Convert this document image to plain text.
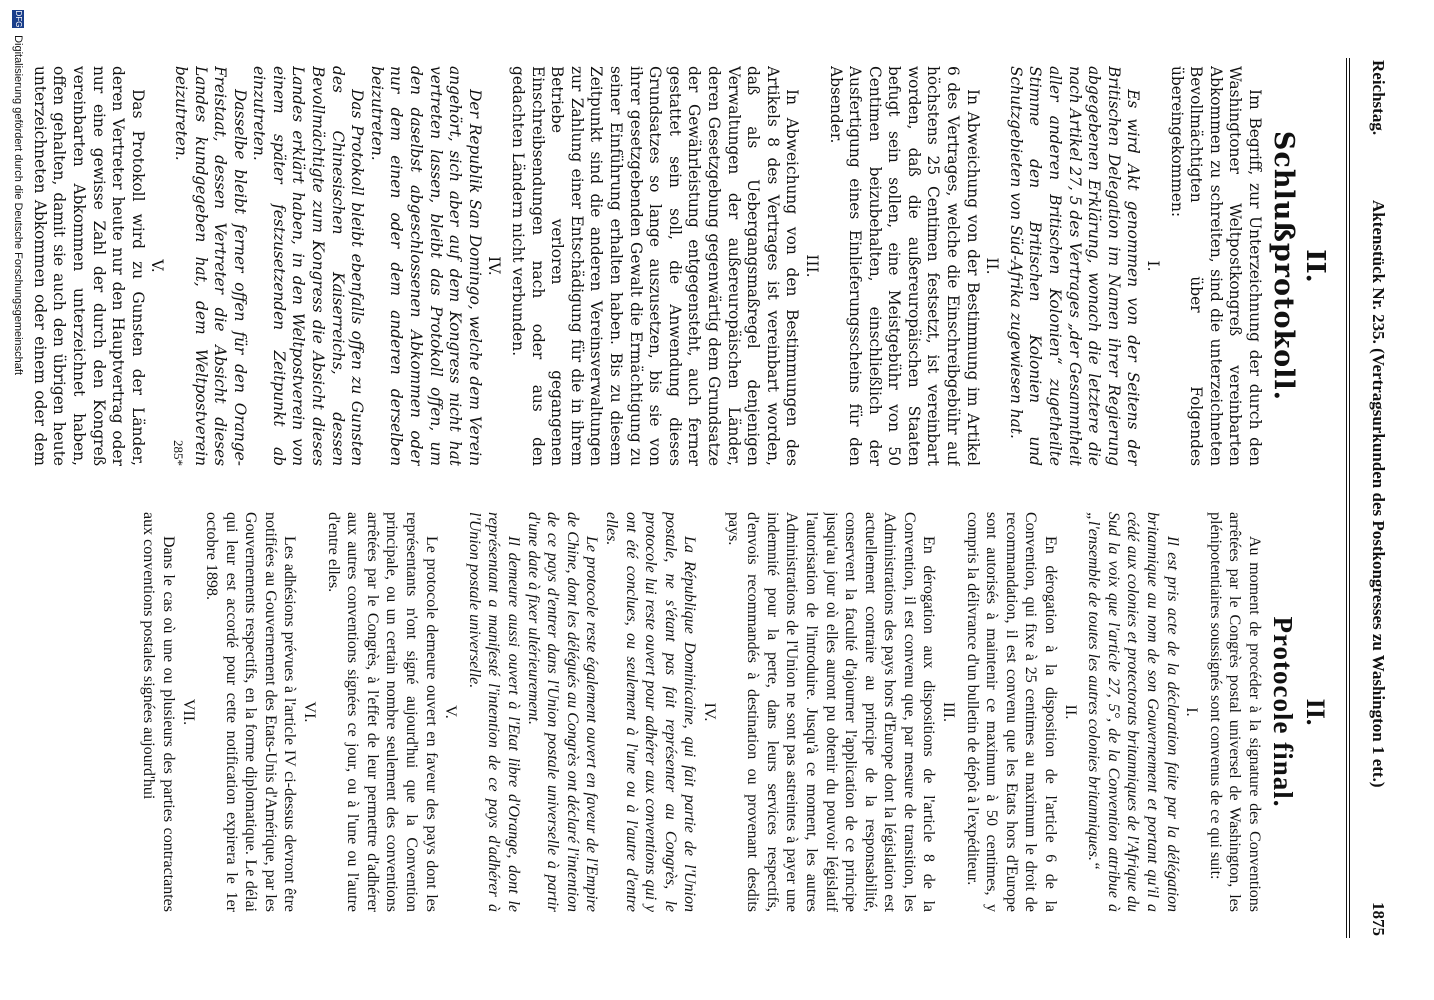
Reichstag.
Aktenstück Nr. 235. (Vertragsurkunden des Postkongresses zu Washington 1 ett.)
1875
II.
Schlußprotokoll.

Im Begriff, zur Unterzeichnung der durch den Washingtoner Weltpostkongreß vereinbarten Abkommen zu schreiten, sind die unterzeichneten Bevollmächtigten über Folgendes übereingekommen:

I.

Es wird Akt genommen von der Seitens der Britischen Delegation im Namen ihrer Regierung abgegebenen Erklärung, wonach die letztere die nach Artikel 27, 5 des Vertrages „der Gesammtheit aller anderen Britischen Kolonien“ zugetheilte Stimme den Britischen Kolonien und Schutzgebieten von Süd-Afrika zugewiesen hat.

II.

In Abweichung von der Bestimmung im Artikel 6 des Vertrages, welche die Einschreibgebühr auf höchstens 25 Centimen festsetzt, ist vereinbart worden, daß die außereuropäischen Staaten befugt sein sollen, eine Meistgebühr von 50 Centimen beizubehalten, einschließlich der Ausfertigung eines Einlieferungsscheins für den Absender.

III.

In Abweichung von den Bestimmungen des Artikels 8 des Vertrages ist vereinbart worden, daß als Uebergangsmaßregel denjenigen Verwaltungen der außereuropäischen Länder, deren Gesetzgebung gegenwärtig dem Grundsatze der Gewährleistung entgegensteht, auch ferner gestattet sein soll, die Anwendung dieses Grundsatzes so lange auszusetzen, bis sie von ihrer gesetzgebenden Gewalt die Ermächtigung zu seiner Einführung erhalten haben. Bis zu diesem Zeitpunkt sind die anderen Vereinsverwaltungen zur Zahlung einer Entschädigung für die in ihrem Betriebe verloren gegangenen Einschreibsendungen nach oder aus den gedachten Ländern nicht verbunden.

IV.

Der Republik San Domingo, welche dem Verein angehört, sich aber auf dem Kongress nicht hat vertreten lassen, bleibt das Protokoll offen, um den daselbst abgeschlossenen Abkommen oder nur dem einen oder dem anderen derselben beizutreten.

Das Protokoll bleibt ebenfalls offen zu Gunsten des Chinesischen Kaiserreichs, dessen Bevollmächtigte zum Kongress die Absicht dieses Landes erklärt haben, in den Weltpostverein von einem später festzusetzenden Zeitpunkt ab einzutreten.

Dasselbe bleibt ferner offen für den Orange-Freistaat, dessen Vertreter die Absicht dieses Landes kundgegeben hat, dem Weltpostverein beizutreten.

V.

Das Protokoll wird zu Gunsten der Länder, deren Vertreter heute nur den Hauptvertrag oder nur eine gewisse Zahl der durch den Kongreß vereinbarten Abkommen unterzeichnet haben, offen gehalten, damit sie auch den übrigen heute unterzeichneten Abkommen oder einem oder dem

II.
Protocole final.

Au moment de procéder à la signature des Conventions arrêtées par le Congrès postal universel de Washington, les plénipotentiaires soussignés sont convenus de ce qui suit:

I.

Il est pris acte de la déclaration faite par la délégation britannique au nom de son Gouvernement et portant qu'il a cédé aux colonies et protectorats britanniques de l'Afrique du Sud la voix que l'article 27, 5°, de la Convention attribue à „l'ensemble de toutes les autres colonies britanniques.“

II.

En dérogation à la disposition de l'article 6 de la Convention, qui fixe à 25 centimes au maximum le droit de recommandation, il est convenu que les Etats hors d'Europe sont autorisés à maintenir ce maximum à 50 centimes, y compris la délivrance d'un bulletin de dépôt à l'expéditeur.

III.

En dérogation aux dispositions de l'article 8 de la Convention, il est convenu que, par mesure de transition, les Administrations des pays hors d'Europe dont la législation est actuellement contraire au principe de la responsabilité, conservent la faculté d'ajourner l'application de ce principe jusqu'au jour où elles auront pu obtenir du pouvoir législatif l'autorisation de l'introduire. Jusqu'à ce moment, les autres Administrations de l'Union ne sont pas astreintes à payer une indemnité pour la perte, dans leurs services respectifs, d'envois recommandés à destination ou provenant desdits pays.

IV.

La République Dominicaine, qui fait partie de l'Union postale, ne s'étant pas fait représenter au Congrès, le protocole lui reste ouvert pour adhérer aux conventions qui y ont été conclues, ou seulement à l'une ou à l'autre d'entre elles.

Le protocole reste également ouvert en faveur de l'Empire de Chine, dont les délégués au Congrès ont déclaré l'intention de ce pays d'entrer dans l'Union postale universelle à partir d'une date à fixer ultérieurement.

Il demeure aussi ouvert à l'Etat libre d'Orange, dont le représentant a manifesté l'intention de ce pays d'adhérer à l'Union postale universelle.

V.

Le protocole demeure ouvert en faveur des pays dont les représentants n'ont signé aujourd'hui que la Convention principale, ou un certain nombre seulement des conventions arrêtées par le Congrès, à l'effet de leur permettre d'adhérer aux autres conventions signées ce jour, ou à l'une ou l'autre d'entre elles.

VI.

Les adhésions prévues à l'article IV ci-dessus devront être notifiées au Gouvernement des Etats-Unis d'Amérique, par les Gouvernements respectifs, en la forme diplomatique. Le délai qui leur est accordé pour cette notification expirera le 1er octobre 1898.

VII.

Dans le cas où une ou plusieurs des parties contractantes aux conventions postales signées aujourd'hui

285*
DFG Digitalisierung gefördert durch die Deutsche Forschungsgemeinschaft
